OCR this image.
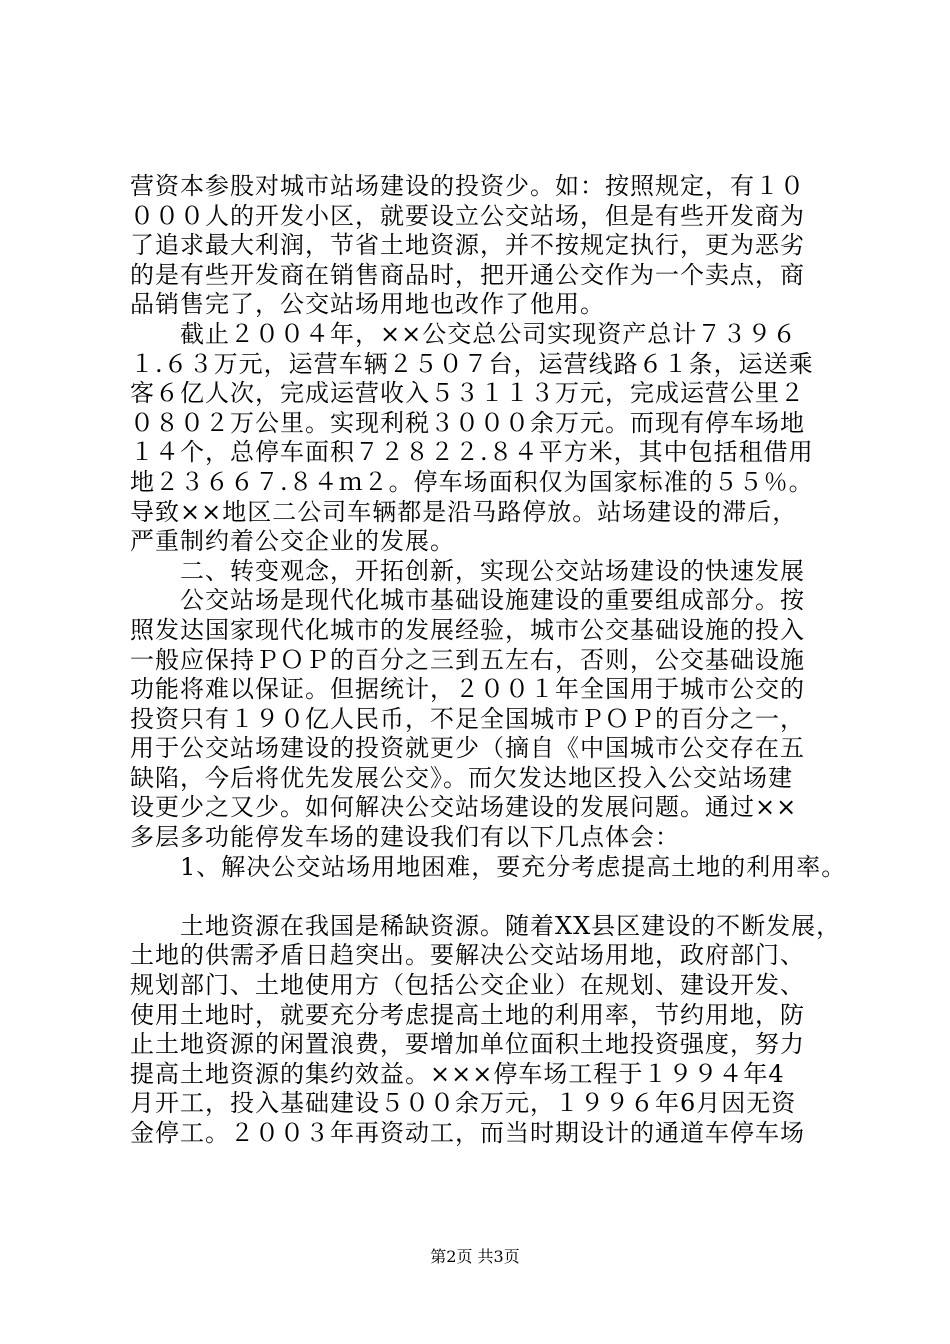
营资本参股对城市站场建设的投资少。如：按照规定，有１０
０００人的开发小区，就要设立公交站场，但是有些开发商为
了追求最大利润，节省土地资源，并不按规定执行，更为恶劣
的是有些开发商在销售商品时，把开通公交作为一个卖点，商
品销售完了，公交站场用地也改作了他用。
　　截止２００４年，××公交总公司实现资产总计７３９６
１.６３万元，运营车辆２５０７台，运营线路６１条，运送乘
客６亿人次，完成运营收入５３１１３万元，完成运营公里２
０８０２万公里。实现利税３０００余万元。而现有停车场地
１４个，总停车面积７２８２２.８４平方米，其中包括租借用
地２３６６７.８４ｍ２。停车场面积仅为国家标准的５５％。
导致××地区二公司车辆都是沿马路停放。站场建设的滞后，
严重制约着公交企业的发展。
　　二、转变观念，开拓创新，实现公交站场建设的快速发展
　　公交站场是现代化城市基础设施建设的重要组成部分。按
照发达国家现代化城市的发展经验，城市公交基础设施的投入
一般应保持ＰＯＰ的百分之三到五左右，否则，公交基础设施
功能将难以保证。但据统计，２００１年全国用于城市公交的
投资只有１９０亿人民币，不足全国城市ＰＯＰ的百分之一，
用于公交站场建设的投资就更少（摘自《中国城市公交存在五
缺陷，今后将优先发展公交》。而欠发达地区投入公交站场建
设更少之又少。如何解决公交站场建设的发展问题。通过××
多层多功能停发车场的建设我们有以下几点体会：
　　1、解决公交站场用地困难，要充分考虑提高土地的利用率。
　　土地资源在我国是稀缺资源。随着XX县区建设的不断发展，
土地的供需矛盾日趋突出。要解决公交站场用地，政府部门、
规划部门、土地使用方（包括公交企业）在规划、建设开发、
使用土地时，就要充分考虑提高土地的利用率，节约用地，防
止土地资源的闲置浪费，要增加单位面积土地投资强度，努力
提高土地资源的集约效益。×××停车场工程于１９９４年4
月开工，投入基础建设５００余万元，１９９６年6月因无资
金停工。２００３年再资动工，而当时期设计的通道车停车场
第2页 共3页
